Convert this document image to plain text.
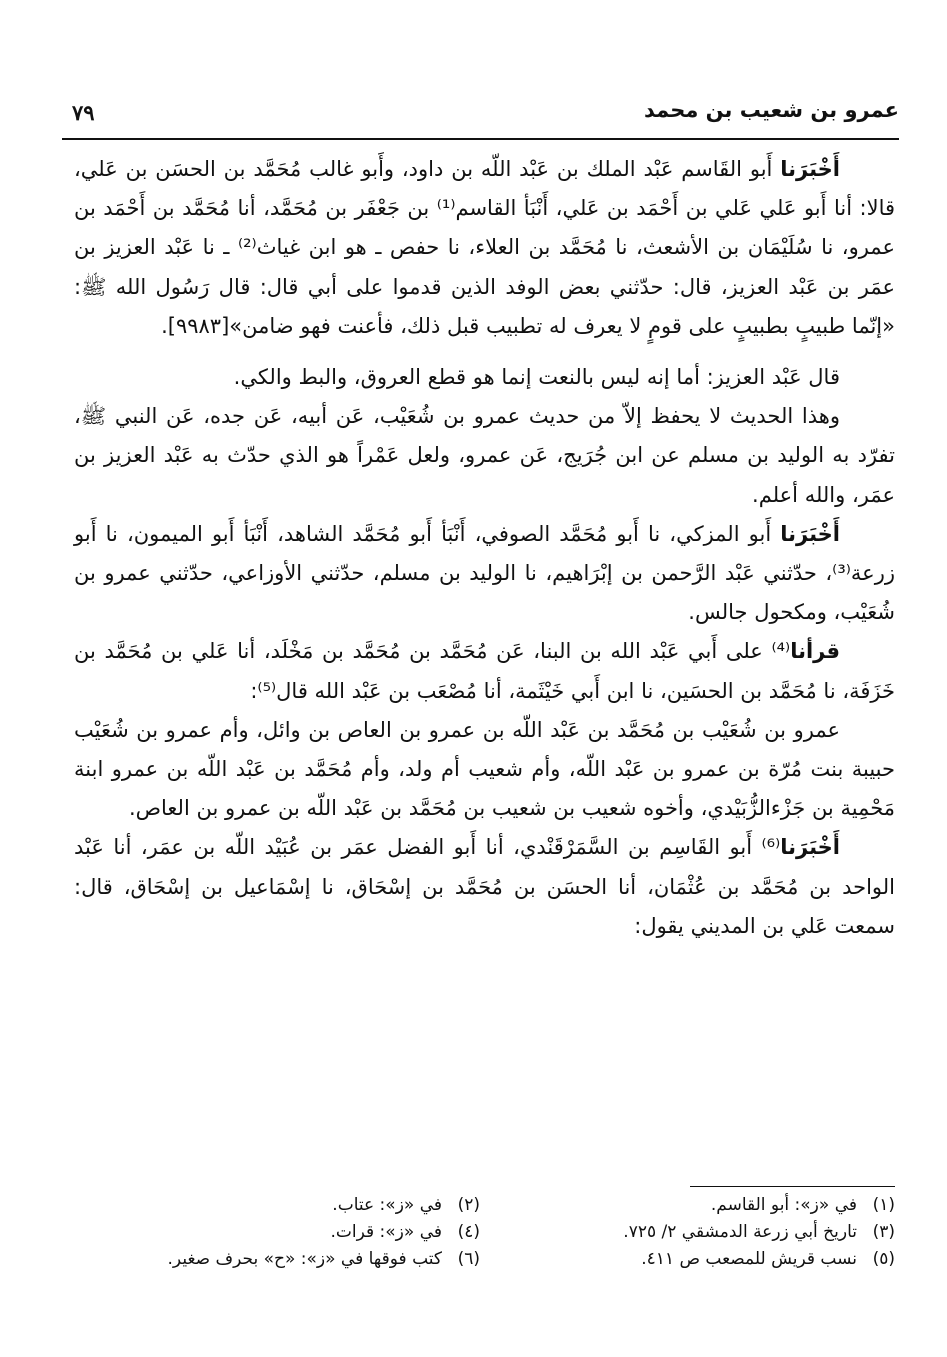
٧٩	عمرو بن شعيب بن محمد

أَخْبَرَنا أَبو القَاسم عَبْد الملك بن عَبْد اللّه بن داود، وأَبو غالب مُحَمَّد بن الحسَن بن عَلي، قالا: أنا أَبو عَلي عَلي بن أَحْمَد بن عَلي، أَنْبَأ القاسم⁽¹⁾ بن جَعْفَر بن مُحَمَّد، أنا مُحَمَّد بن أَحْمَد بن عمرو، نا سُلَيْمَان بن الأشعث، نا مُحَمَّد بن العلاء، نا حفص ـ هو ابن غياث⁽²⁾ ـ نا عَبْد العزيز بن عمَر بن عَبْد العزيز، قال: حدّثني بعض الوفد الذين قدموا على أبي قال: قال رَسُول الله ﷺ: «إنّما طبيبٍ بطبيبٍ على قومٍ لا يعرف له تطبيب قبل ذلك، فأعنت فهو ضامن»[٩٩٨٣].

قال عَبْد العزيز: أما إنه ليس بالنعت إنما هو قطع العروق، والبط والكي.

وهذا الحديث لا يحفظ إلاّ من حديث عمرو بن شُعَيْب، عَن أبيه، عَن جده، عَن النبي ﷺ، تفرّد به الوليد بن مسلم عن ابن جُرَيج، عَن عمرو، ولعل عَمْراً هو الذي حدّث به عَبْد العزيز بن عمَر، والله أعلم.

أَخْبَرَنا أَبو المزكي، نا أَبو مُحَمَّد الصوفي، أَنْبَأ أَبو مُحَمَّد الشاهد، أَنْبَأ أَبو الميمون، نا أَبو زرعة⁽³⁾، حدّثني عَبْد الرَّحمن بن إبْرَاهيم، نا الوليد بن مسلم، حدّثني الأوزاعي، حدّثني عمرو بن شُعَيْب، ومكحول جالس.

قرأنا⁽⁴⁾ على أَبي عَبْد الله بن البنا، عَن مُحَمَّد بن مُحَمَّد بن مَخْلَد، أنا عَلي بن مُحَمَّد بن خَزَفَة، نا مُحَمَّد بن الحسَين، نا ابن أَبي خَيْثَمة، أنا مُصْعَب بن عَبْد الله قال⁽⁵⁾:

عمرو بن شُعَيْب بن مُحَمَّد بن عَبْد اللّه بن عمرو بن العاص بن وائل، وأم عمرو بن شُعَيْب حبيبة بنت مُرّة بن عمرو بن عَبْد اللّه، وأم شعيب أم ولد، وأم مُحَمَّد بن عَبْد اللّه بن عمرو ابنة مَحْمِية بن جَزْءالزُّبَيْدي، وأخوه شعيب بن شعيب بن مُحَمَّد بن عَبْد اللّه بن عمرو بن العاص.

أَخْبَرَنا⁽⁶⁾ أَبو القَاسِم بن السَّمَرْقَنْدي، أنا أَبو الفضل عمَر بن عُبَيْد اللّه بن عمَر، أنا عَبْد الواحد بن مُحَمَّد بن عُثْمَان، أنا الحسَن بن مُحَمَّد بن إسْحَاق، نا إسْمَاعيل بن إسْحَاق، قال: سمعت عَلي بن المديني يقول:

(١)في «ز»: أبو القاسم.
(٢)في «ز»: عتاب.
(٣)تاريخ أبي زرعة الدمشقي ٢/ ٧٢٥.
(٤)في «ز»: قرات.
(٥)نسب قريش للمصعب ص ٤١١.
(٦)كتب فوقها في «ز»: «ح» بحرف صغير.
